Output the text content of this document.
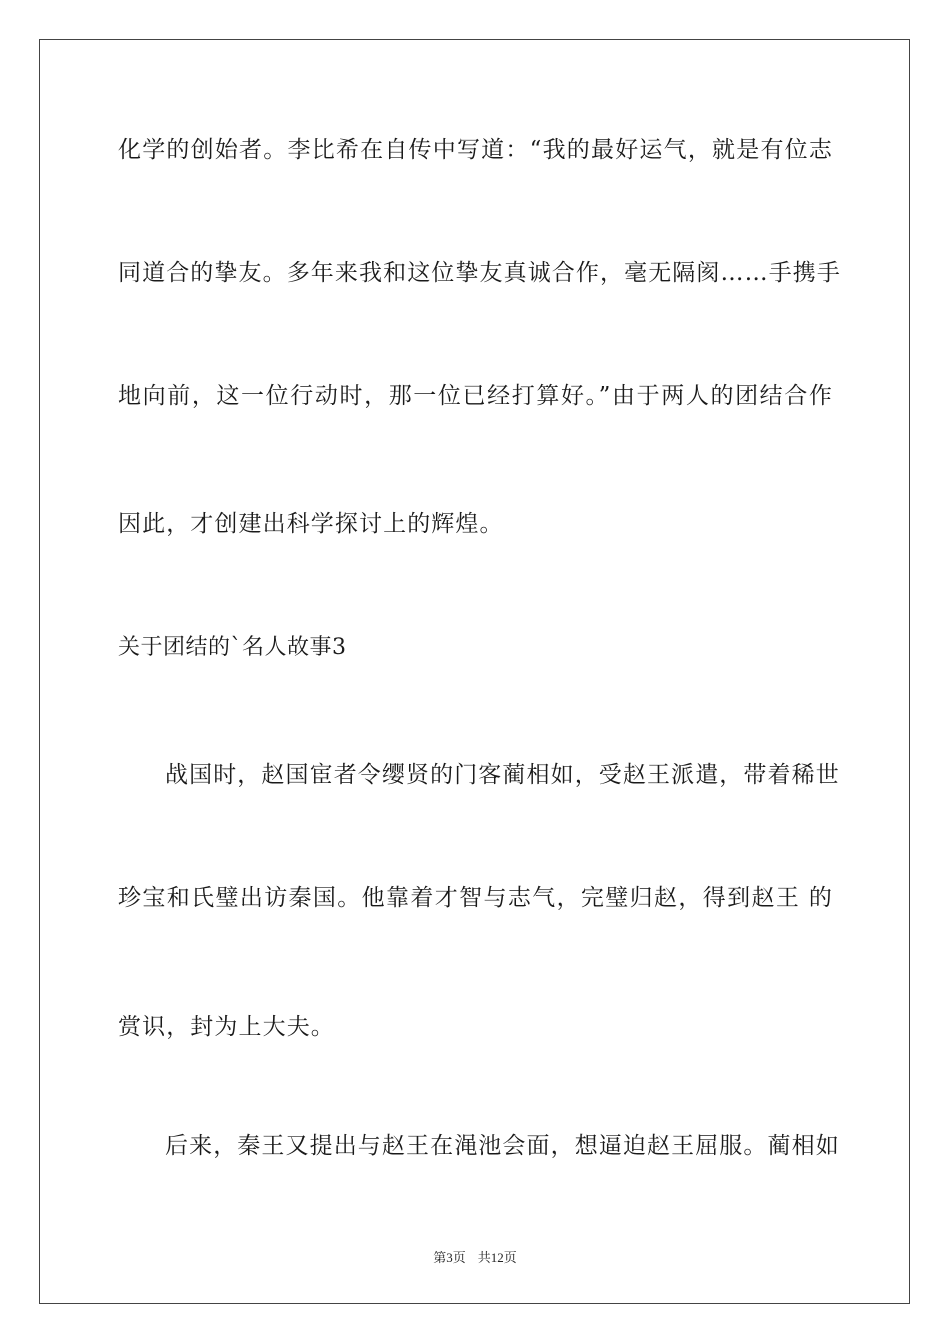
化学的创始者。李比希在自传中写道：“我的最好运气，就是有位志
同道合的挚友。多年来我和这位挚友真诚合作，毫无隔阂……手携手
地向前，这一位行动时，那一位已经打算好。”由于两人的团结合作
因此，才创建出科学探讨上的辉煌。
关于团结的`名人故事3
战国时，赵国宦者令缨贤的门客蔺相如，受赵王派遣，带着稀世
珍宝和氏璧出访秦国。他靠着才智与志气，完璧归赵，得到赵王 的
赏识，封为上大夫。
后来，秦王又提出与赵王在渑池会面，想逼迫赵王屈服。蔺相如
第3页 共12页
